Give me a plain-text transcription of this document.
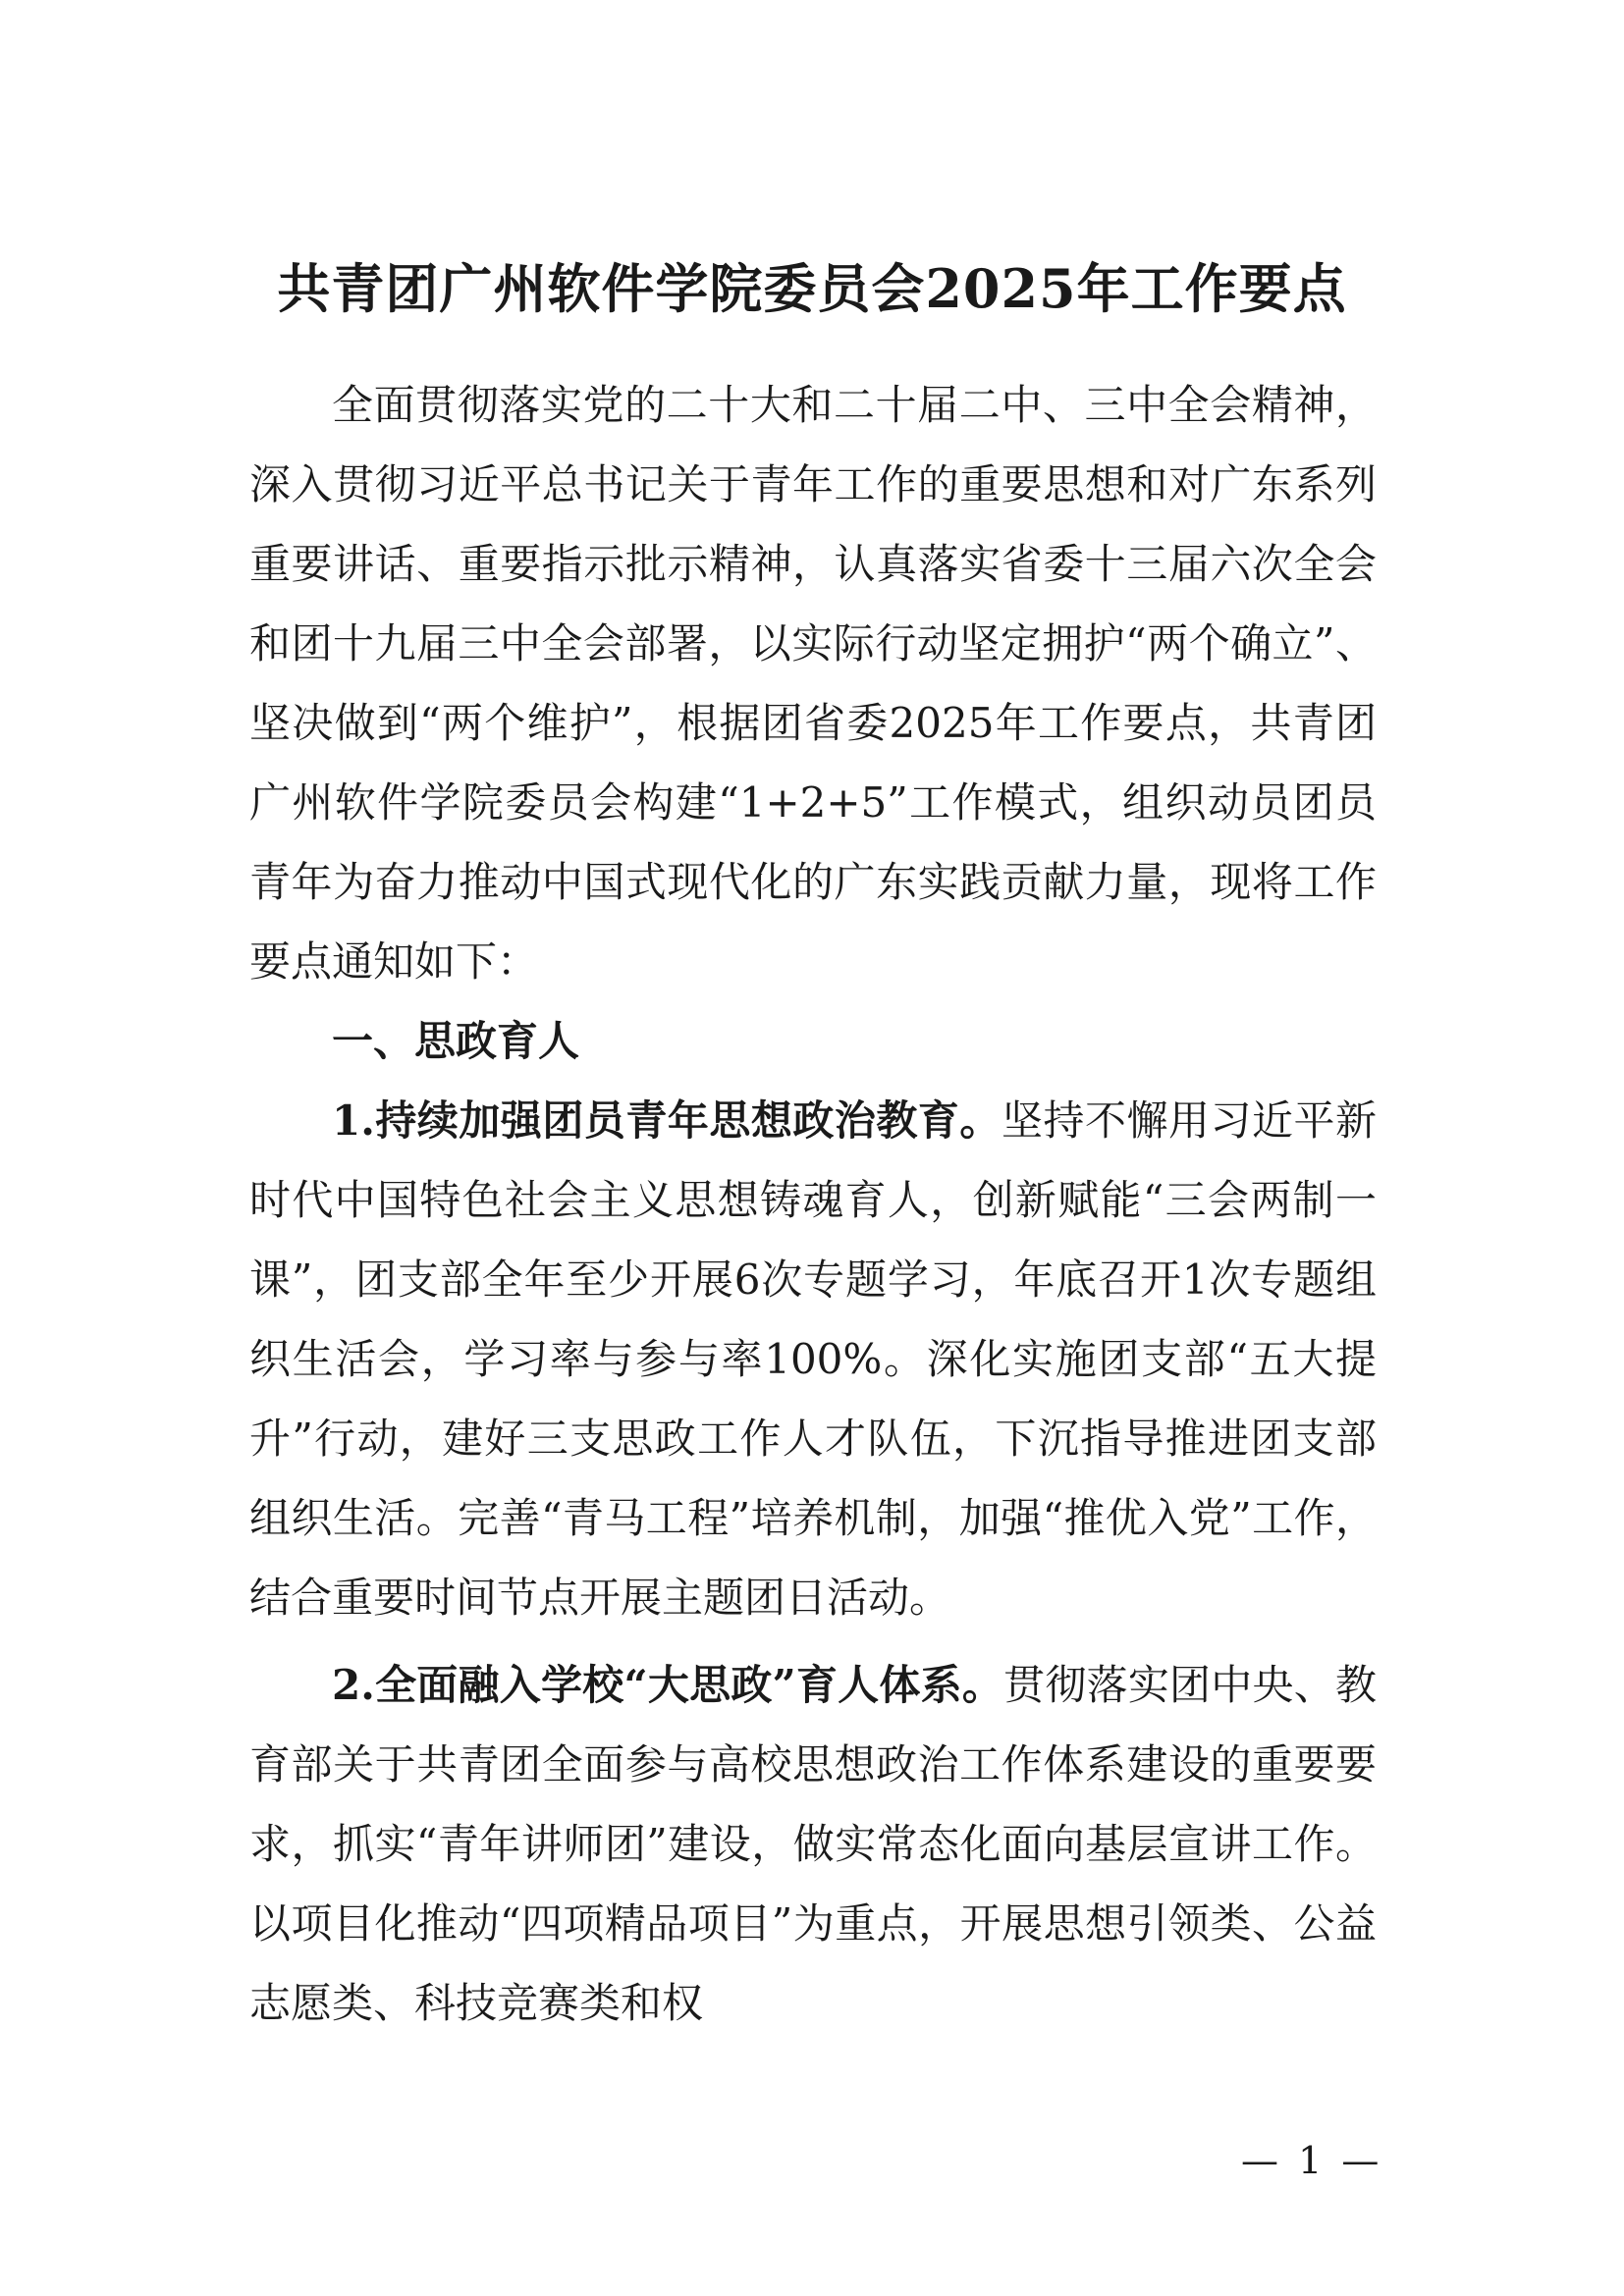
共青团广州软件学院委员会2025年工作要点

全面贯彻落实党的二十大和二十届二中、三中全会精神，深入贯彻习近平总书记关于青年工作的重要思想和对广东系列重要讲话、重要指示批示精神，认真落实省委十三届六次全会和团十九届三中全会部署，以实际行动坚定拥护“两个确立”、坚决做到“两个维护”，根据团省委2025年工作要点，共青团广州软件学院委员会构建“1+2+5”工作模式，组织动员团员青年为奋力推动中国式现代化的广东实践贡献力量，现将工作要点通知如下：

一、思政育人

1.持续加强团员青年思想政治教育。坚持不懈用习近平新时代中国特色社会主义思想铸魂育人，创新赋能“三会两制一课”，团支部全年至少开展6次专题学习，年底召开1次专题组织生活会，学习率与参与率100%。深化实施团支部“五大提升”行动，建好三支思政工作人才队伍，下沉指导推进团支部组织生活。完善“青马工程”培养机制，加强“推优入党”工作，结合重要时间节点开展主题团日活动。

2.全面融入学校“大思政”育人体系。贯彻落实团中央、教育部关于共青团全面参与高校思想政治工作体系建设的重要要求，抓实“青年讲师团”建设，做实常态化面向基层宣讲工作。以项目化推动“四项精品项目”为重点，开展思想引领类、公益志愿类、科技竞赛类和权

— 1 —
